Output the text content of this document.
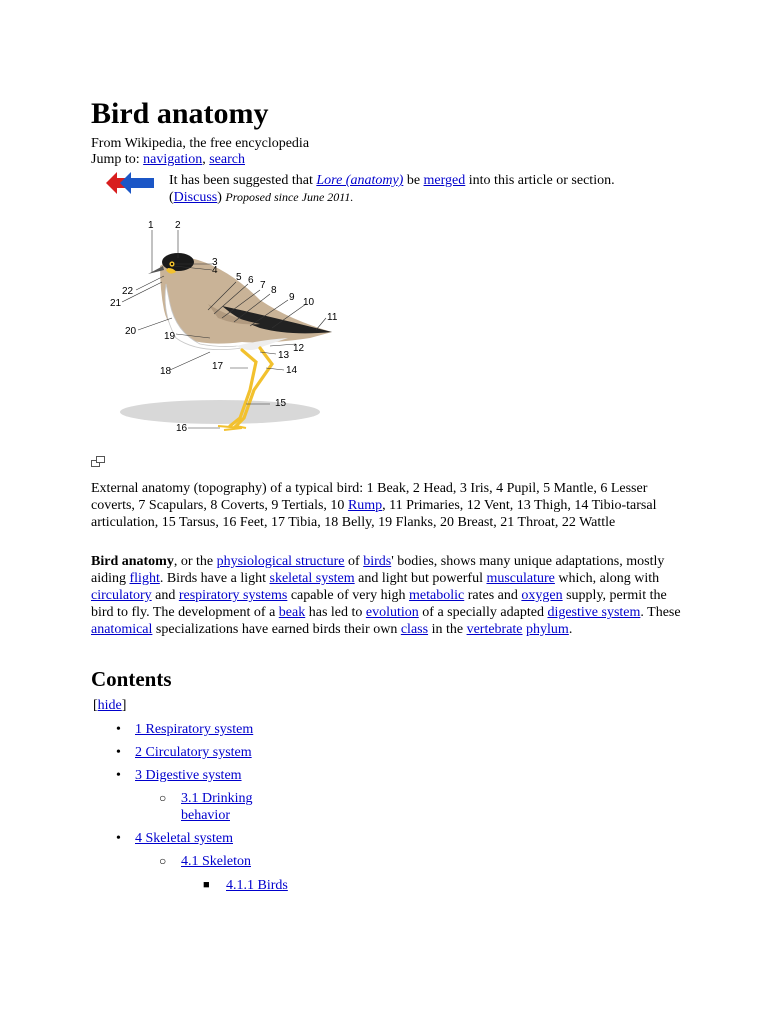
Bird anatomy
From Wikipedia, the free encyclopedia
Jump to: navigation, search
It has been suggested that Lore (anatomy) be merged into this article or section.
(Discuss) Proposed since June 2011.
1 2
3
4
5 6 7 8
9 10
11
12
13
14
15
16
17
18
19
20
21
22
External anatomy (topography) of a typical bird: 1 Beak, 2 Head, 3 Iris, 4 Pupil, 5 Mantle, 6 Lesser coverts, 7 Scapulars, 8 Coverts, 9 Tertials, 10 Rump, 11 Primaries, 12 Vent, 13 Thigh, 14 Tibio-tarsal articulation, 15 Tarsus, 16 Feet, 17 Tibia, 18 Belly, 19 Flanks, 20 Breast, 21 Throat, 22 Wattle
Bird anatomy, or the physiological structure of birds' bodies, shows many unique adaptations, mostly aiding flight. Birds have a light skeletal system and light but powerful musculature which, along with circulatory and respiratory systems capable of very high metabolic rates and oxygen supply, permit the bird to fly. The development of a beak has led to evolution of a specially adapted digestive system. These anatomical specializations have earned birds their own class in the vertebrate phylum.
Contents
[hide]
• 1 Respiratory system
• 2 Circulatory system
• 3 Digestive system
○ 3.1 Drinking
behavior
• 4 Skeletal system
○ 4.1 Skeleton
■ 4.1.1 Birds
